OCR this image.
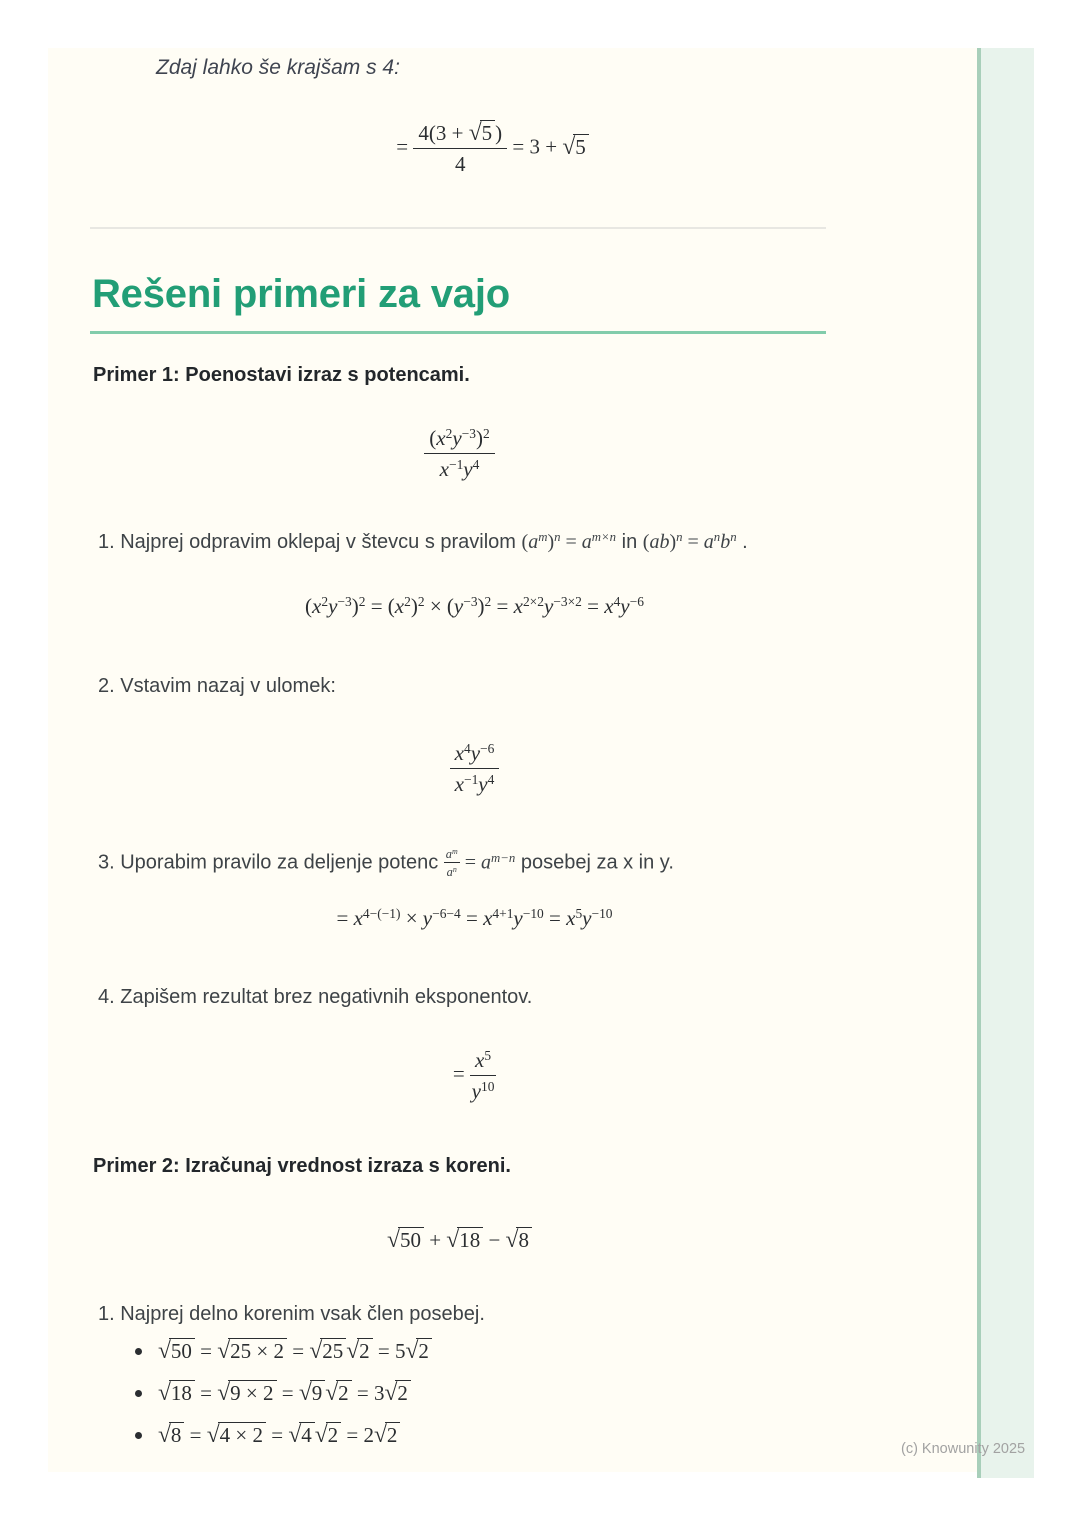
(c) Knowunity 2025
Zdaj lahko še krajšam s 4:
= $\frac{4(3 + √5 )}{4} = 3 + √5$
Rešeni primeri za vajo
Primer 1: Poenostavi izraz s potencami.
$\frac{(x^2y^{-3})^2}{x^{-1}y^4}$
1. Najprej odpravim oklepaj v števcu s pravilom $(a^m)^n = a^{m\times n}$ in $(ab)^n = a^nb^n$ .
$(x^2y^{-3})^2 = (x^2)^2 \times (y^{-3})^2 = x^{2\times 2}y^{-3\times 2} = x^4y^{-6}$
2. Vstavim nazaj v ulomek:
$\frac{x^4y^{-6}}{x^{-1}y^4}$
3. Uporabim pravilo za deljenje potenc $\frac{a^m}{a^n} = a^{m-n}$ posebej za x in y.
= $x^{4-(-1)} \times y^{-6-4} = x^{4+1}y^{-10} = x^5y^{-10}$
4. Zapišem rezultat brez negativnih eksponentov.
= $\frac{x^5}{y^{10}}$
Primer 2: Izračunaj vrednost izraza s koreni.
√50 + √18 − √8
1. Najprej delno korenim vsak člen posebej.
√50 = √25 × 2 = √25 √2 = 5√2
√18 = √9 × 2 = √9 √2 = 3√2
√8 = √4 × 2 = √4 √2 = 2√2
